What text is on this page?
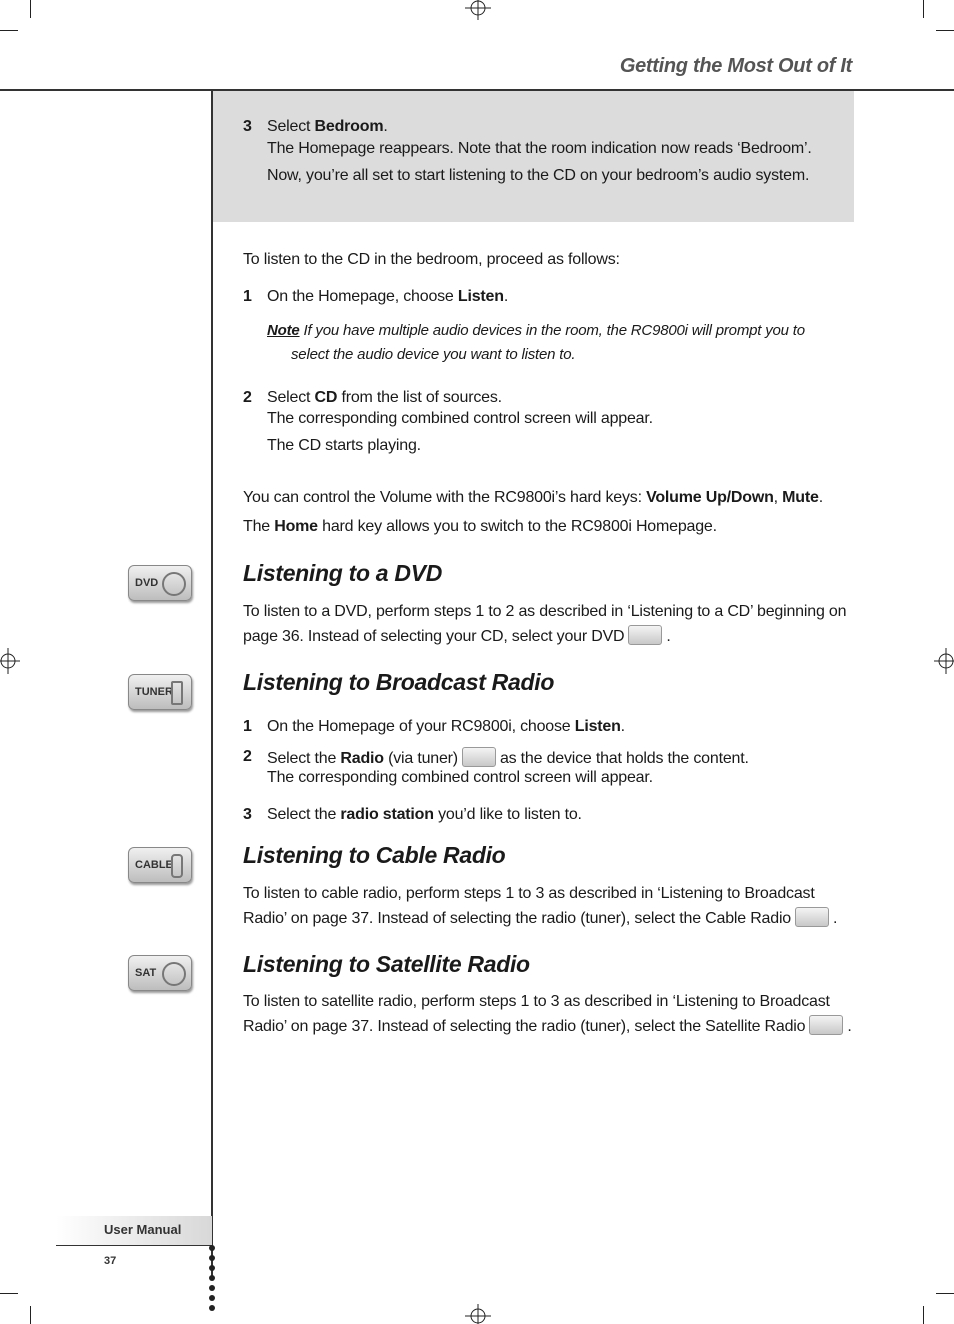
Getting the Most Out of It
3 Select Bedroom.
The Homepage reappears. Note that the room indication now reads ‘Bedroom’.
Now, you’re all set to start listening to the CD on your bedroom’s audio system.
To listen to the CD in the bedroom, proceed as follows:
1 On the Homepage, choose Listen.
Note If you have multiple audio devices in the room, the RC9800i will prompt you to
select the audio device you want to listen to.
2 Select CD from the list of sources.
The corresponding combined control screen will appear.
The CD starts playing.
You can control the Volume with the RC9800i’s hard keys: Volume Up/Down, Mute.
The Home hard key allows you to switch to the RC9800i Homepage.
DVD	Listening to a DVD
To listen to a DVD, perform steps 1 to 2 as described in ‘Listening to a CD’ beginning on
page 36. Instead of selecting your CD, select your DVD	.
TUNER	Listening to Broadcast Radio
1 On the Homepage of your RC9800i, choose Listen.
2 Select the Radio (via tuner)	as the device that holds the content.
The corresponding combined control screen will appear.
3 Select the radio station you’d like to listen to.
CABLE	Listening to Cable Radio
To listen to cable radio, perform steps 1 to 3 as described in ‘Listening to Broadcast
Radio’ on page 37. Instead of selecting the radio (tuner), select the Cable Radio	.
SAT	Listening to Satellite Radio
To listen to satellite radio, perform steps 1 to 3 as described in ‘Listening to Broadcast
Radio’ on page 37. Instead of selecting the radio (tuner), select the Satellite Radio	.
User Manual
37
